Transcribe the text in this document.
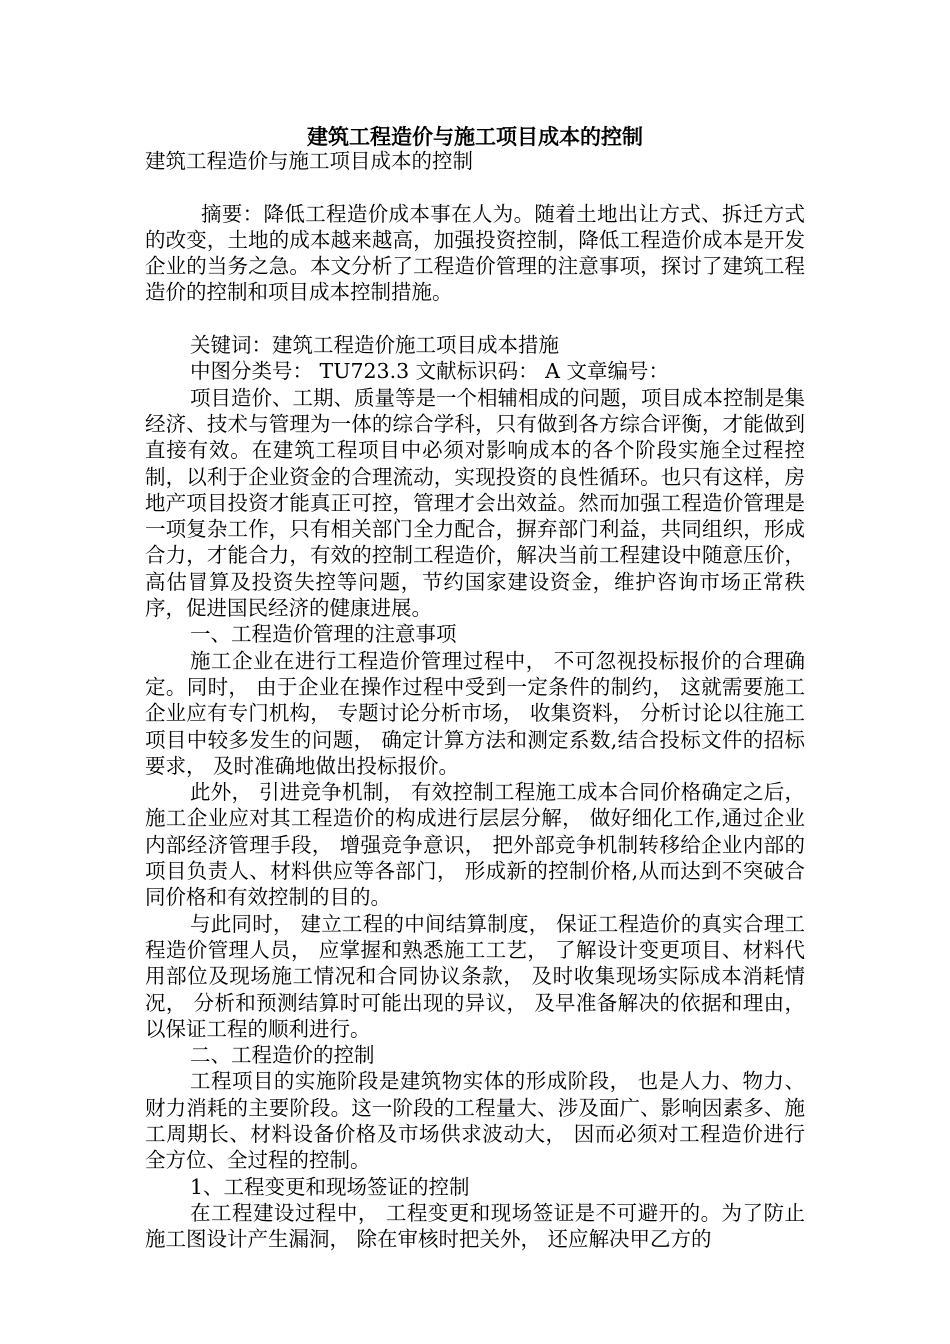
建筑工程造价与施工项目成本的控制

建筑工程造价与施工项目成本的控制

摘要：降低工程造价成本事在人为。随着土地出让方式、拆迁方式的改变，土地的成本越来越高，加强投资控制，降低工程造价成本是开发企业的当务之急。本文分析了工程造价管理的注意事项，探讨了建筑工程造价的控制和项目成本控制措施。

关键词：建筑工程造价施工项目成本措施

中图分类号： TU723.3 文献标识码： A 文章编号：

项目造价、工期、质量等是一个相辅相成的问题，项目成本控制是集经济、技术与管理为一体的综合学科，只有做到各方综合评衡，才能做到直接有效。在建筑工程项目中必须对影响成本的各个阶段实施全过程控制，以利于企业资金的合理流动，实现投资的良性循环。也只有这样，房地产项目投资才能真正可控，管理才会出效益。然而加强工程造价管理是一项复杂工作，只有相关部门全力配合，摒弃部门利益，共同组织，形成合力，才能合力，有效的控制工程造价，解决当前工程建设中随意压价，高估冒算及投资失控等问题，节约国家建设资金，维护咨询市场正常秩序，促进国民经济的健康进展。

一、工程造价管理的注意事项

施工企业在进行工程造价管理过程中， 不可忽视投标报价的合理确定。同时， 由于企业在操作过程中受到一定条件的制约， 这就需要施工企业应有专门机构， 专题讨论分析市场， 收集资料， 分析讨论以往施工项目中较多发生的问题， 确定计算方法和测定系数,结合投标文件的招标要求， 及时准确地做出投标报价。

此外， 引进竞争机制， 有效控制工程施工成本合同价格确定之后， 施工企业应对其工程造价的构成进行层层分解， 做好细化工作,通过企业内部经济管理手段， 增强竞争意识， 把外部竞争机制转移给企业内部的项目负责人、材料供应等各部门， 形成新的控制价格,从而达到不突破合同价格和有效控制的目的。

与此同时， 建立工程的中间结算制度， 保证工程造价的真实合理工程造价管理人员， 应掌握和熟悉施工工艺， 了解设计变更项目、材料代用部位及现场施工情况和合同协议条款， 及时收集现场实际成本消耗情况， 分析和预测结算时可能出现的异议， 及早准备解决的依据和理由， 以保证工程的顺利进行。

二、工程造价的控制

工程项目的实施阶段是建筑物实体的形成阶段， 也是人力、物力、财力消耗的主要阶段。这一阶段的工程量大、涉及面广、影响因素多、施工周期长、材料设备价格及市场供求波动大， 因而必须对工程造价进行全方位、全过程的控制。

1、工程变更和现场签证的控制

在工程建设过程中， 工程变更和现场签证是不可避开的。为了防止施工图设计产生漏洞， 除在审核时把关外， 还应解决甲乙方的
